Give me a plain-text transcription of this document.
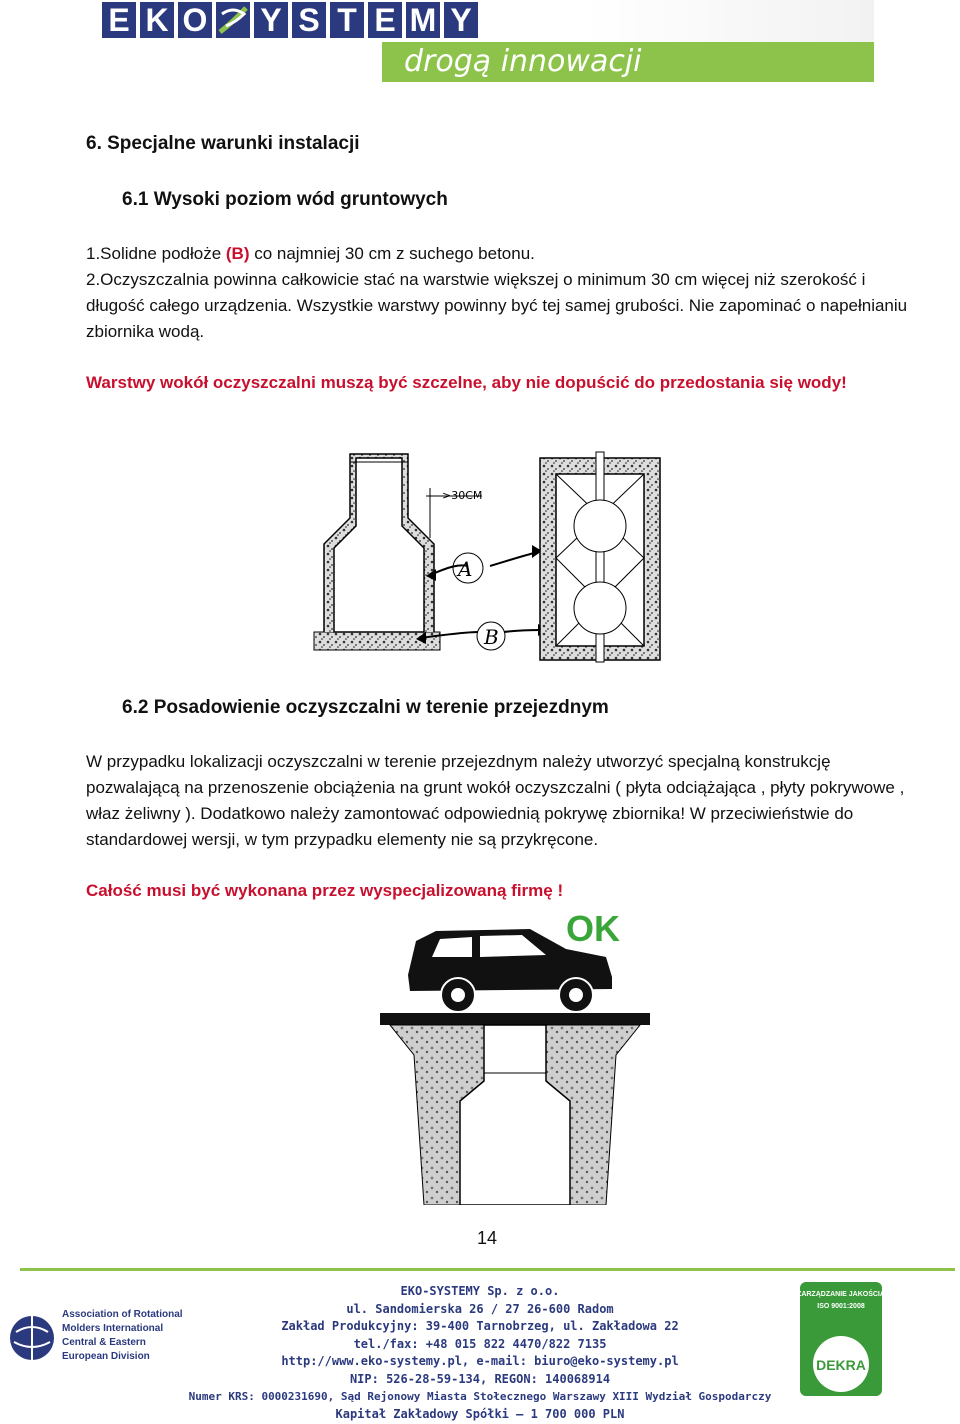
E K O Y S T E M Y
drogą innowacji
6. Specjalne warunki instalacji
6.1 Wysoki poziom wód gruntowych
1.Solidne podłoże (B) co najmniej 30 cm z suchego betonu.
2.Oczyszczalnia powinna całkowicie stać na warstwie większej o minimum 30 cm więcej niż szerokość i długość całego urządzenia. Wszystkie warstwy powinny być tej samej grubości. Nie zapominać o napełnianiu zbiornika wodą.
Warstwy wokół oczyszczalni muszą być szczelne, aby nie dopuścić do przedostania się wody!
>30CM
A
B
6.2 Posadowienie oczyszczalni w terenie przejezdnym
W przypadku lokalizacji oczyszczalni w terenie przejezdnym należy utworzyć specjalną konstrukcję pozwalającą na przenoszenie obciążenia na grunt wokół oczyszczalni ( płyta odciążająca , płyty pokrywowe , właz żeliwny ). Dodatkowo należy zamontować odpowiednią pokrywę zbiornika! W przeciwieństwie do standardowej wersji, w tym przypadku elementy nie są przykręcone.
Całość musi być wykonana przez wyspecjalizowaną firmę !
OK
14
Association of Rotational
Molders International
Central & Eastern
European Division
EKO-SYSTEMY Sp. z o.o.
ul. Sandomierska 26 / 27 26-600 Radom
Zakład Produkcyjny: 39-400 Tarnobrzeg, ul. Zakładowa 22
tel./fax: +48 015 822 4470/822 7135
http://www.eko-systemy.pl, e-mail: biuro@eko-systemy.pl
NIP: 526-28-59-134, REGON: 140068914
Numer KRS: 0000231690, Sąd Rejonowy Miasta Stołecznego Warszawy XIII Wydział Gospodarczy
Kapitał Zakładowy Spółki – 1 700 000 PLN
ZARZĄDZANIE JAKOŚCIĄ
ISO 9001:2008
DEKRA
